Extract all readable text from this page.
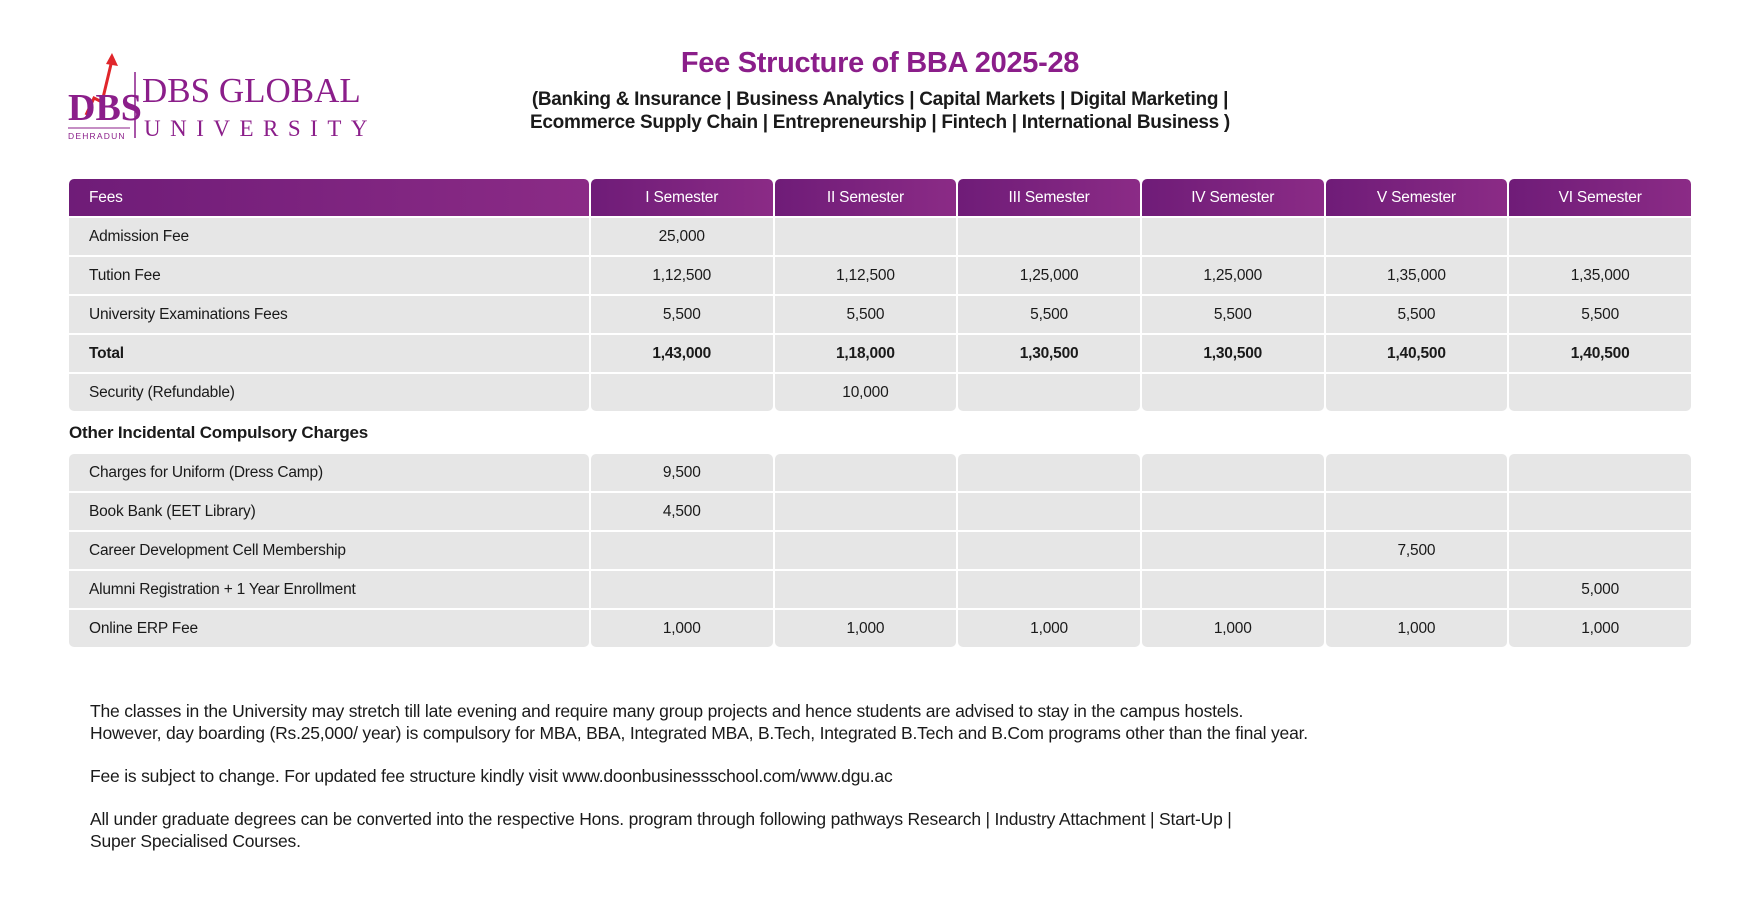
DBS
DEHRADUN
DBS GLOBAL
UNIVERSITY
Fee Structure of BBA 2025-28
(Banking & Insurance | Business Analytics | Capital Markets | Digital Marketing |
Ecommerce Supply Chain | Entrepreneurship | Fintech | International Business )
Fees	I Semester	II Semester	III Semester	IV Semester	V Semester	VI Semester
Admission Fee	25,000					
Tution Fee	1,12,500	1,12,500	1,25,000	1,25,000	1,35,000	1,35,000
University Examinations Fees	5,500	5,500	5,500	5,500	5,500	5,500
Total	1,43,000	1,18,000	1,30,500	1,30,500	1,40,500	1,40,500
Security (Refundable)		10,000				
Other Incidental Compulsory Charges						
Charges for Uniform (Dress Camp)	9,500					
Book Bank (EET Library)	4,500					
Career Development Cell Membership					7,500	
Alumni Registration + 1 Year Enrollment						5,000
Online ERP Fee	1,000	1,000	1,000	1,000	1,000	1,000

The classes in the University may stretch till late evening and require many group projects and hence students are advised to stay in the campus hostels.
However, day boarding (Rs.25,000/ year) is compulsory for MBA, BBA, Integrated MBA, B.Tech, Integrated B.Tech and B.Com programs other than the final year.

Fee is subject to change. For updated fee structure kindly visit www.doonbusinessschool.com/www.dgu.ac

All under graduate degrees can be converted into the respective Hons. program through following pathways Research | Industry Attachment | Start-Up |
Super Specialised Courses.
